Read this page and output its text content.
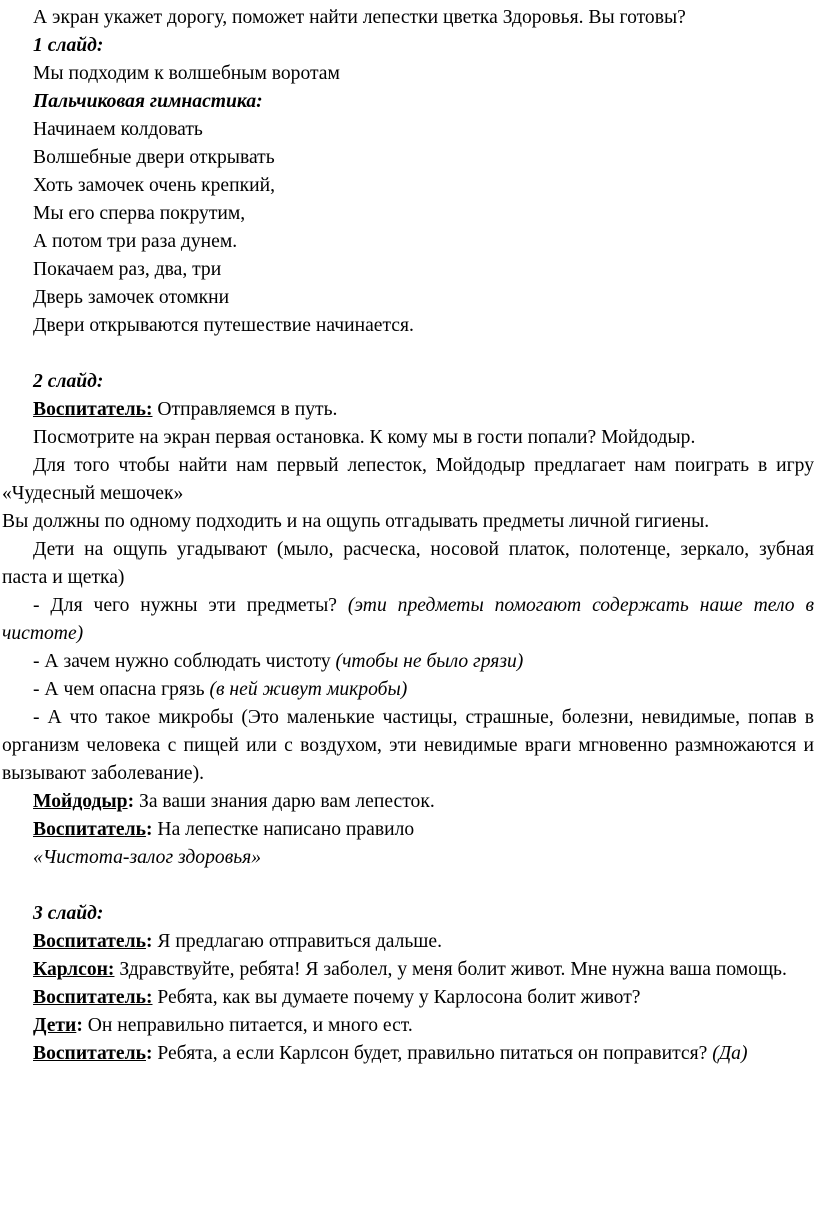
А экран укажет дорогу, поможет найти лепестки цветка Здоровья. Вы готовы?

1 слайд:

Мы подходим к волшебным воротам

Пальчиковая гимнастика:

Начинаем колдовать

Волшебные двери открывать

Хоть замочек очень крепкий,

Мы его сперва покрутим,

А потом три раза дунем.

Покачаем раз, два, три

Дверь замочек отомкни

Двери открываются путешествие начинается.

2 слайд:

Воспитатель: Отправляемся в путь.

Посмотрите на экран первая остановка. К кому мы в гости попали? Мойдодыр.

Для того чтобы найти нам первый лепесток, Мойдодыр предлагает нам поиграть в игру «Чудесный мешочек»

Вы должны по одному подходить и на ощупь отгадывать предметы личной гигиены.

Дети на ощупь угадывают (мыло, расческа, носовой платок, полотенце, зеркало, зубная паста и щетка)

- Для чего нужны эти предметы? (эти предметы помогают содержать наше тело в чистоте)

- А зачем нужно соблюдать чистоту (чтобы не было грязи)

- А чем опасна грязь (в ней живут микробы)

- А что такое микробы (Это маленькие частицы, страшные, болезни, невидимые, попав в организм человека с пищей или с воздухом, эти невидимые враги мгновенно размножаются и вызывают заболевание).

Мойдодыр: За ваши знания дарю вам лепесток.

Воспитатель: На лепестке написано правило

«Чистота-залог здоровья»

3 слайд:

Воспитатель: Я предлагаю отправиться дальше.

Карлсон: Здравствуйте, ребята! Я заболел, у меня болит живот. Мне нужна ваша помощь.

Воспитатель: Ребята, как вы думаете почему у Карлосона болит живот?

Дети: Он неправильно питается, и много ест.

Воспитатель: Ребята, а если Карлсон будет, правильно питаться он поправится? (Да)
